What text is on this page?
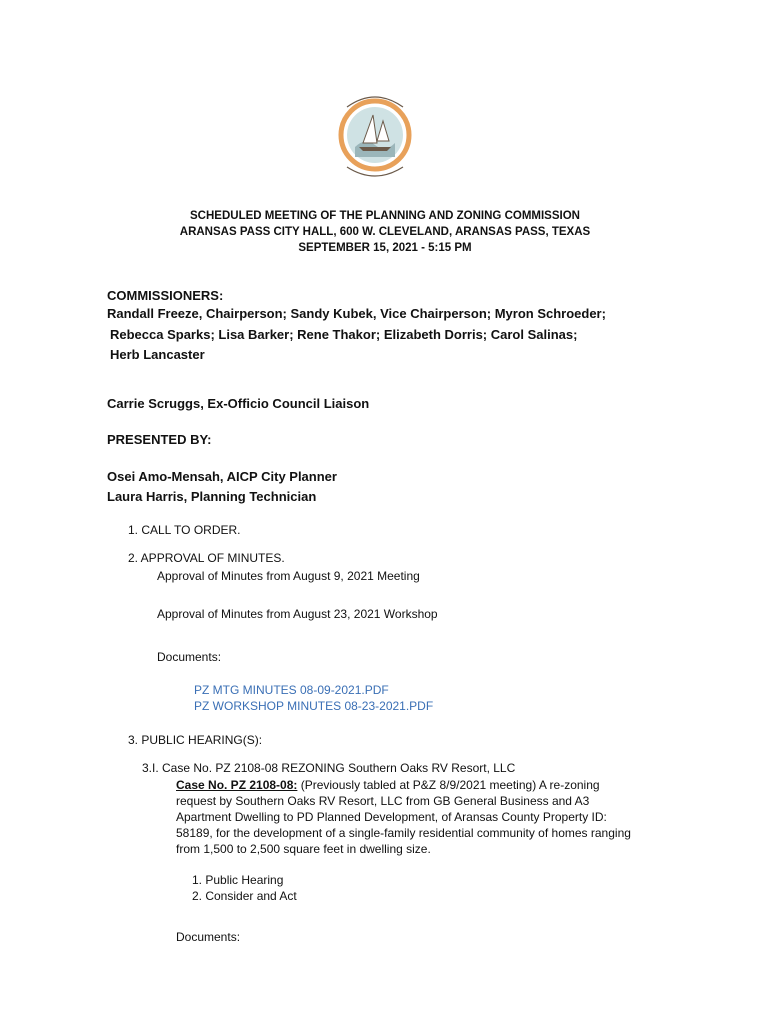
SCHEDULED MEETING OF THE PLANNING AND ZONING COMMISSION
ARANSAS PASS CITY HALL, 600 W. CLEVELAND, ARANSAS PASS, TEXAS
SEPTEMBER 15, 2021 - 5:15 PM
COMMISSIONERS:
Randall Freeze, Chairperson; Sandy Kubek, Vice Chairperson; Myron Schroeder;
Rebecca Sparks; Lisa Barker; Rene Thakor; Elizabeth Dorris; Carol Salinas;
Herb Lancaster
Carrie Scruggs, Ex-Officio Council Liaison
PRESENTED BY:
Osei Amo-Mensah, AICP City Planner
Laura Harris, Planning Technician
1. CALL TO ORDER.
2. APPROVAL OF MINUTES.
Approval of Minutes from August 9, 2021 Meeting
Approval of Minutes from August 23, 2021 Workshop
Documents:
PZ MTG MINUTES 08-09-2021.PDF
PZ WORKSHOP MINUTES 08-23-2021.PDF
3. PUBLIC HEARING(S):
3.I. Case No. PZ 2108-08 REZONING Southern Oaks RV Resort, LLC
Case No. PZ 2108-08: (Previously tabled at P&Z 8/9/2021 meeting) A re-zoning
request by Southern Oaks RV Resort, LLC from GB General Business and A3
Apartment Dwelling to PD Planned Development, of Aransas County Property ID:
58189, for the development of a single-family residential community of homes ranging
from 1,500 to 2,500 square feet in dwelling size.
1. Public Hearing
2. Consider and Act
Documents:
